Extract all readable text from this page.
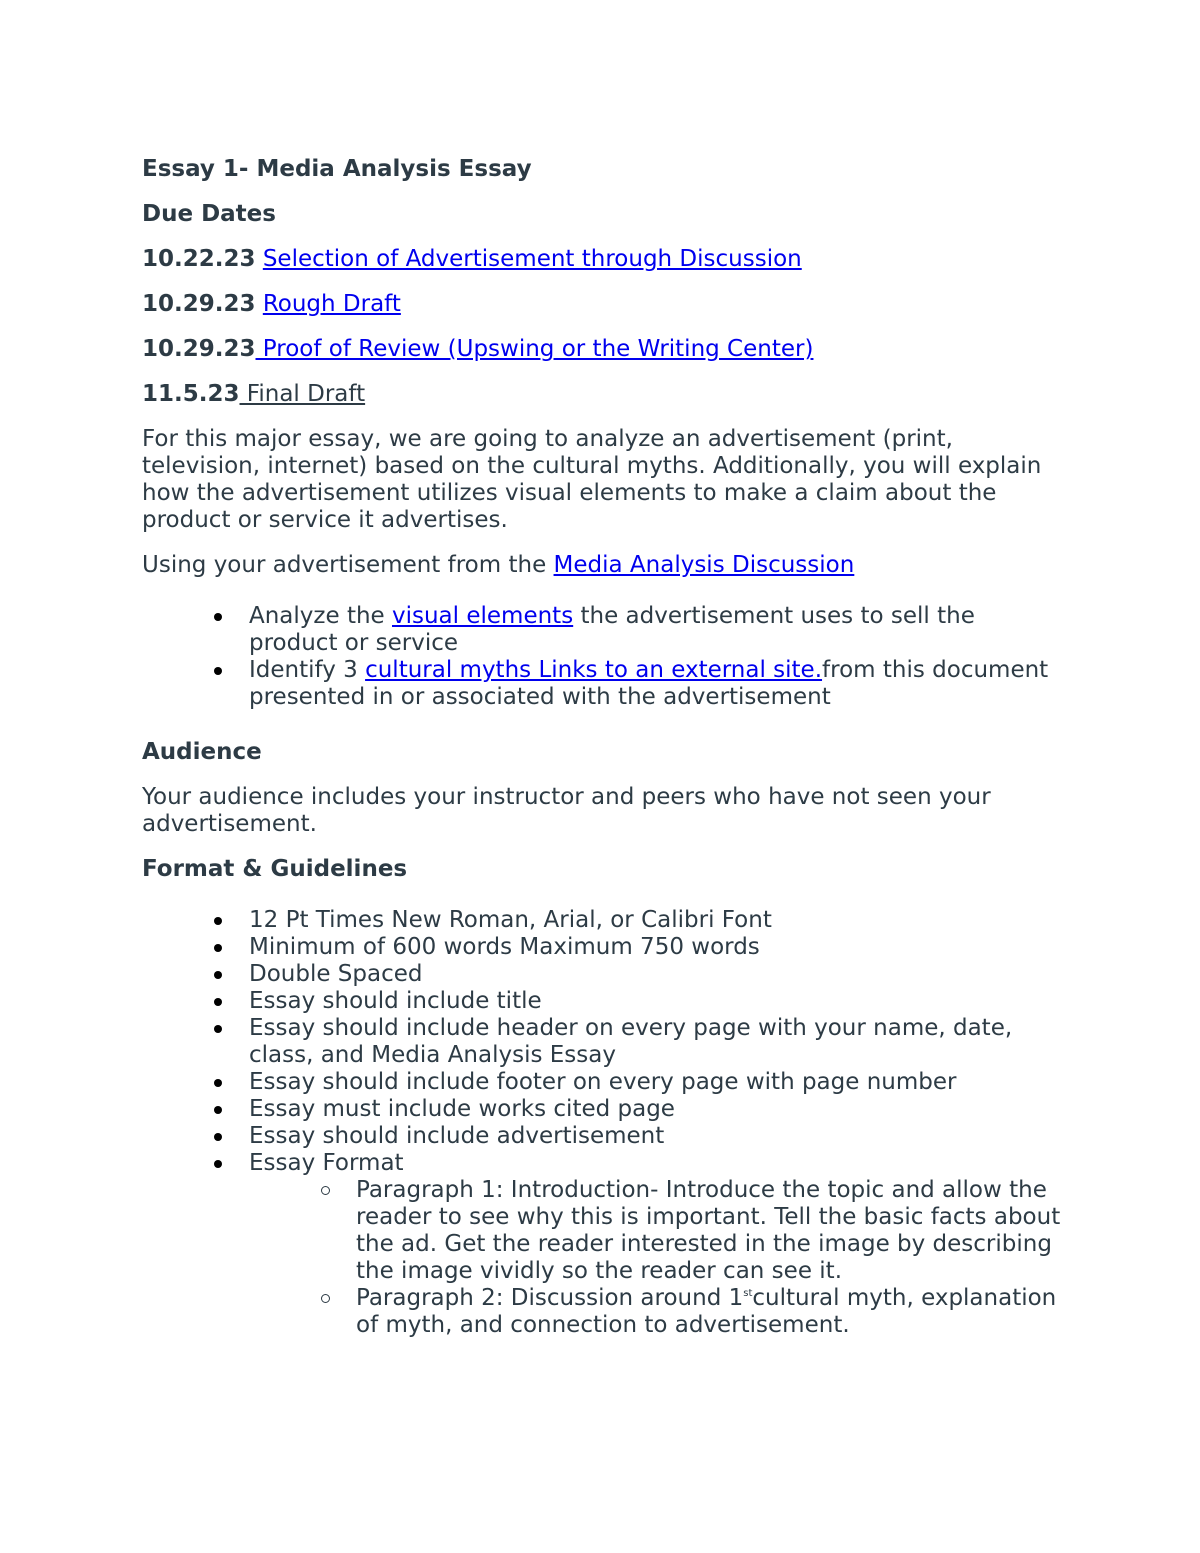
Essay 1- Media Analysis Essay
Due Dates
10.22.23 Selection of Advertisement through Discussion
10.29.23 Rough Draft
10.29.23 Proof of Review (Upswing or the Writing Center)
11.5.23 Final Draft

For this major essay, we are going to analyze an advertisement (print, television, internet) based on the cultural myths. Additionally, you will explain how the advertisement utilizes visual elements to make a claim about the product or service it advertises.

Using your advertisement from the Media Analysis Discussion

Analyze the visual elements the advertisement uses to sell the product or service
Identify 3 cultural myths Links to an external site.from this document presented in or associated with the advertisement
Audience

Your audience includes your instructor and peers who have not seen your advertisement.

Format & Guidelines
12 Pt Times New Roman, Arial, or Calibri Font
Minimum of 600 words Maximum 750 words
Double Spaced
Essay should include title
Essay should include header on every page with your name, date, class, and Media Analysis Essay
Essay should include footer on every page with page number
Essay must include works cited page
Essay should include advertisement
Essay Format
Paragraph 1: Introduction- Introduce the topic and allow the reader to see why this is important. Tell the basic facts about the ad. Get the reader interested in the image by describing the image vividly so the reader can see it.
Paragraph 2: Discussion around 1stcultural myth, explanation of myth, and connection to advertisement.
